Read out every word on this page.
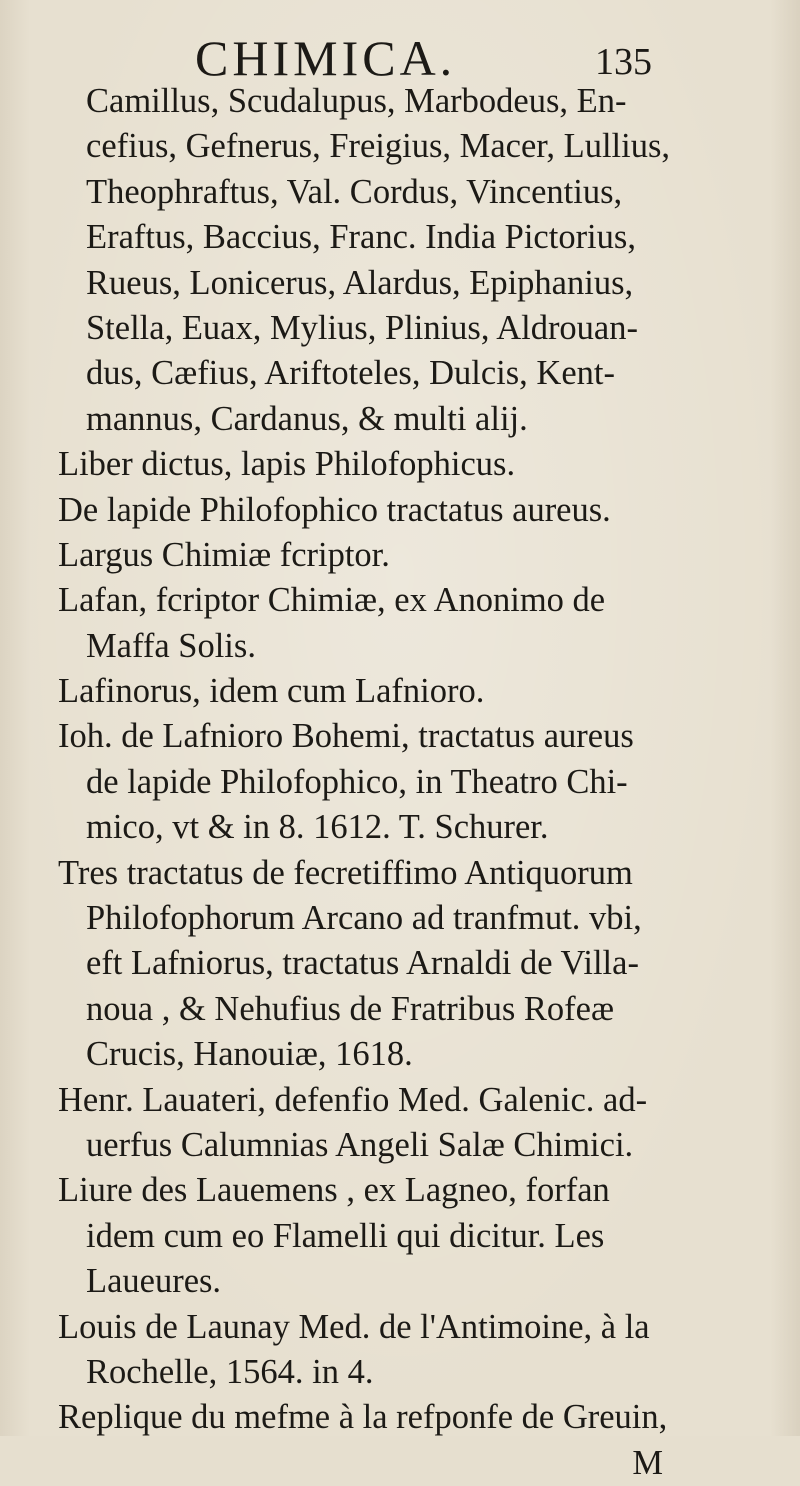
CHIMICA.	135
Camillus, Scudalupus, Marbodeus, En-
cefius, Gefnerus, Freigius, Macer, Lullius,
Theophraftus, Val. Cordus, Vincentius,
Eraftus, Baccius, Franc. India Pictorius,
Rueus, Lonicerus, Alardus, Epiphanius,
Stella, Euax, Mylius, Plinius, Aldrouan-
dus, Cæfius, Ariftoteles, Dulcis, Kent-
mannus, Cardanus, & multi alij.
Liber dictus, lapis Philofophicus.
De lapide Philofophico tractatus aureus.
Largus Chimiæ fcriptor.
Lafan, fcriptor Chimiæ, ex Anonimo de
Maffa Solis.
Lafinorus, idem cum Lafnioro.
Ioh. de Lafnioro Bohemi, tractatus aureus
de lapide Philofophico, in Theatro Chi-
mico, vt & in 8. 1612. T. Schurer.
Tres tractatus de fecretiffimo Antiquorum
Philofophorum Arcano ad tranfmut. vbi,
eft Lafniorus, tractatus Arnaldi de Villa-
noua , & Nehufius de Fratribus Rofeæ
Crucis, Hanouiæ, 1618.
Henr. Lauateri, defenfio Med. Galenic. ad-
uerfus Calumnias Angeli Salæ Chimici.
Liure des Lauemens , ex Lagneo, forfan
idem cum eo Flamelli qui dicitur. Les
Laueures.
Louis de Launay Med. de l'Antimoine, à la
Rochelle, 1564. in 4.
Replique du mefme à la refponfe de Greuin,
M
